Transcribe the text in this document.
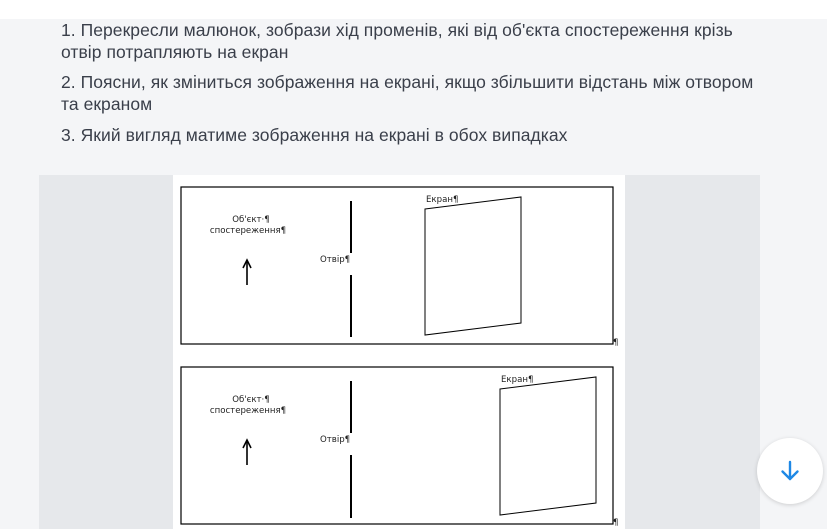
1. Перекресли малюнок, зобрази хід променів, які від об'єкта спостереження крізь отвір потрапляють на екран
2. Поясни, як зміниться зображення на екрані, якщо збільшити відстань між отвором та екраном
3. Який вигляд матиме зображення на екрані в обох випадках
¶
Об'єкт·¶
спостереження¶
Отвір¶
Екран¶
¶
Об'єкт·¶
спостереження¶
Отвір¶
Екран¶
